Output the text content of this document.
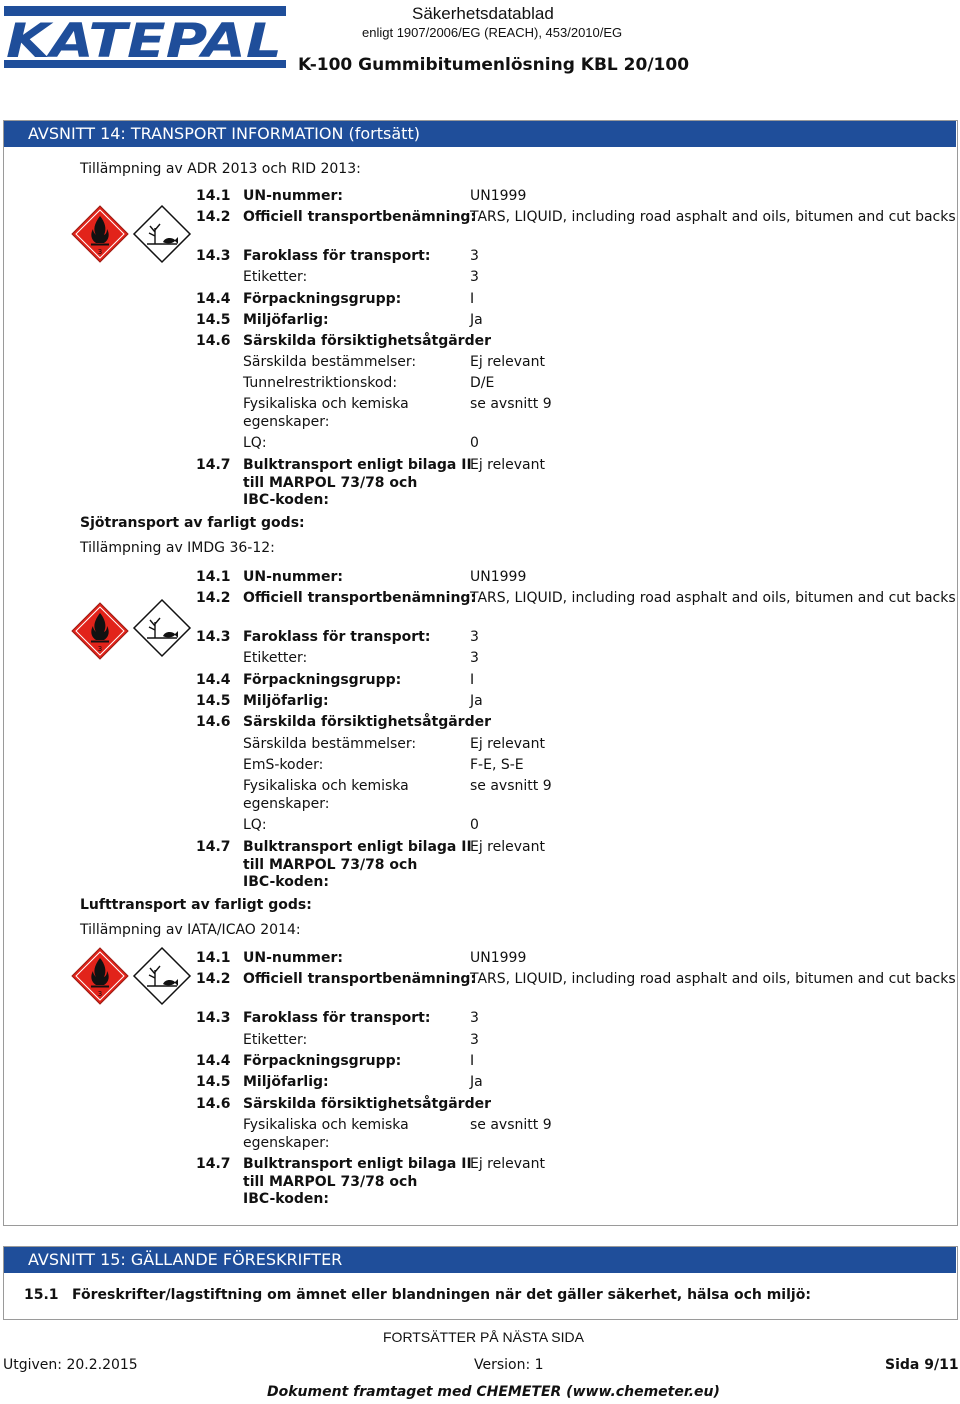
KATEPAL
Säkerhetsdatablad
enligt 1907/2006/EG (REACH), 453/2010/EG
K-100 Gummibitumenlösning KBL 20/100
AVSNITT 14: TRANSPORT INFORMATION (fortsätt)
Tillämpning av ADR 2013 och RID 2013:
3
14.1 UN-nummer:	UN1999
14.2 Officiell transportbenämning:
TARS, LIQUID, including road asphalt and oils, bitumen and cut backs
14.3 Faroklass för transport:	3
Etiketter:	3
14.4 Förpackningsgrupp:	I
14.5 Miljöfarlig:	Ja
14.6 Särskilda försiktighetsåtgärder
Särskilda bestämmelser:	Ej relevant
Tunnelrestriktionskod:	D/E
Fysikaliska och kemiska
egenskaper:
se avsnitt 9
LQ:	0
14.7 Bulktransport enligt bilaga II
till MARPOL 73/78 och
IBC-koden:
Ej relevant
Sjötransport av farligt gods:
Tillämpning av IMDG 36-12:
3
14.1 UN-nummer:	UN1999
14.2 Officiell transportbenämning:
TARS, LIQUID, including road asphalt and oils, bitumen and cut backs
14.3 Faroklass för transport:	3
Etiketter:	3
14.4 Förpackningsgrupp:	I
14.5 Miljöfarlig:	Ja
14.6 Särskilda försiktighetsåtgärder
Särskilda bestämmelser:	Ej relevant
EmS-koder:	F-E, S-E
Fysikaliska och kemiska
egenskaper:
se avsnitt 9
LQ:	0
14.7 Bulktransport enligt bilaga II
till MARPOL 73/78 och
IBC-koden:
Ej relevant
Lufttransport av farligt gods:
Tillämpning av IATA/ICAO 2014:
3
14.1 UN-nummer:	UN1999
14.2 Officiell transportbenämning:
TARS, LIQUID, including road asphalt and oils, bitumen and cut backs
14.3 Faroklass för transport:	3
Etiketter:	3
14.4 Förpackningsgrupp:	I
14.5 Miljöfarlig:	Ja
14.6 Särskilda försiktighetsåtgärder
Fysikaliska och kemiska
egenskaper:
se avsnitt 9
14.7 Bulktransport enligt bilaga II
till MARPOL 73/78 och
IBC-koden:
Ej relevant
AVSNITT 15: GÄLLANDE FÖRESKRIFTER
15.1 Föreskrifter/lagstiftning om ämnet eller blandningen när det gäller säkerhet, hälsa och miljö:
FORTSÄTTER PÅ NÄSTA SIDA
Utgiven: 20.2.2015	Version: 1	Sida 9/11
Dokument framtaget med CHEMETER (www.chemeter.eu)
